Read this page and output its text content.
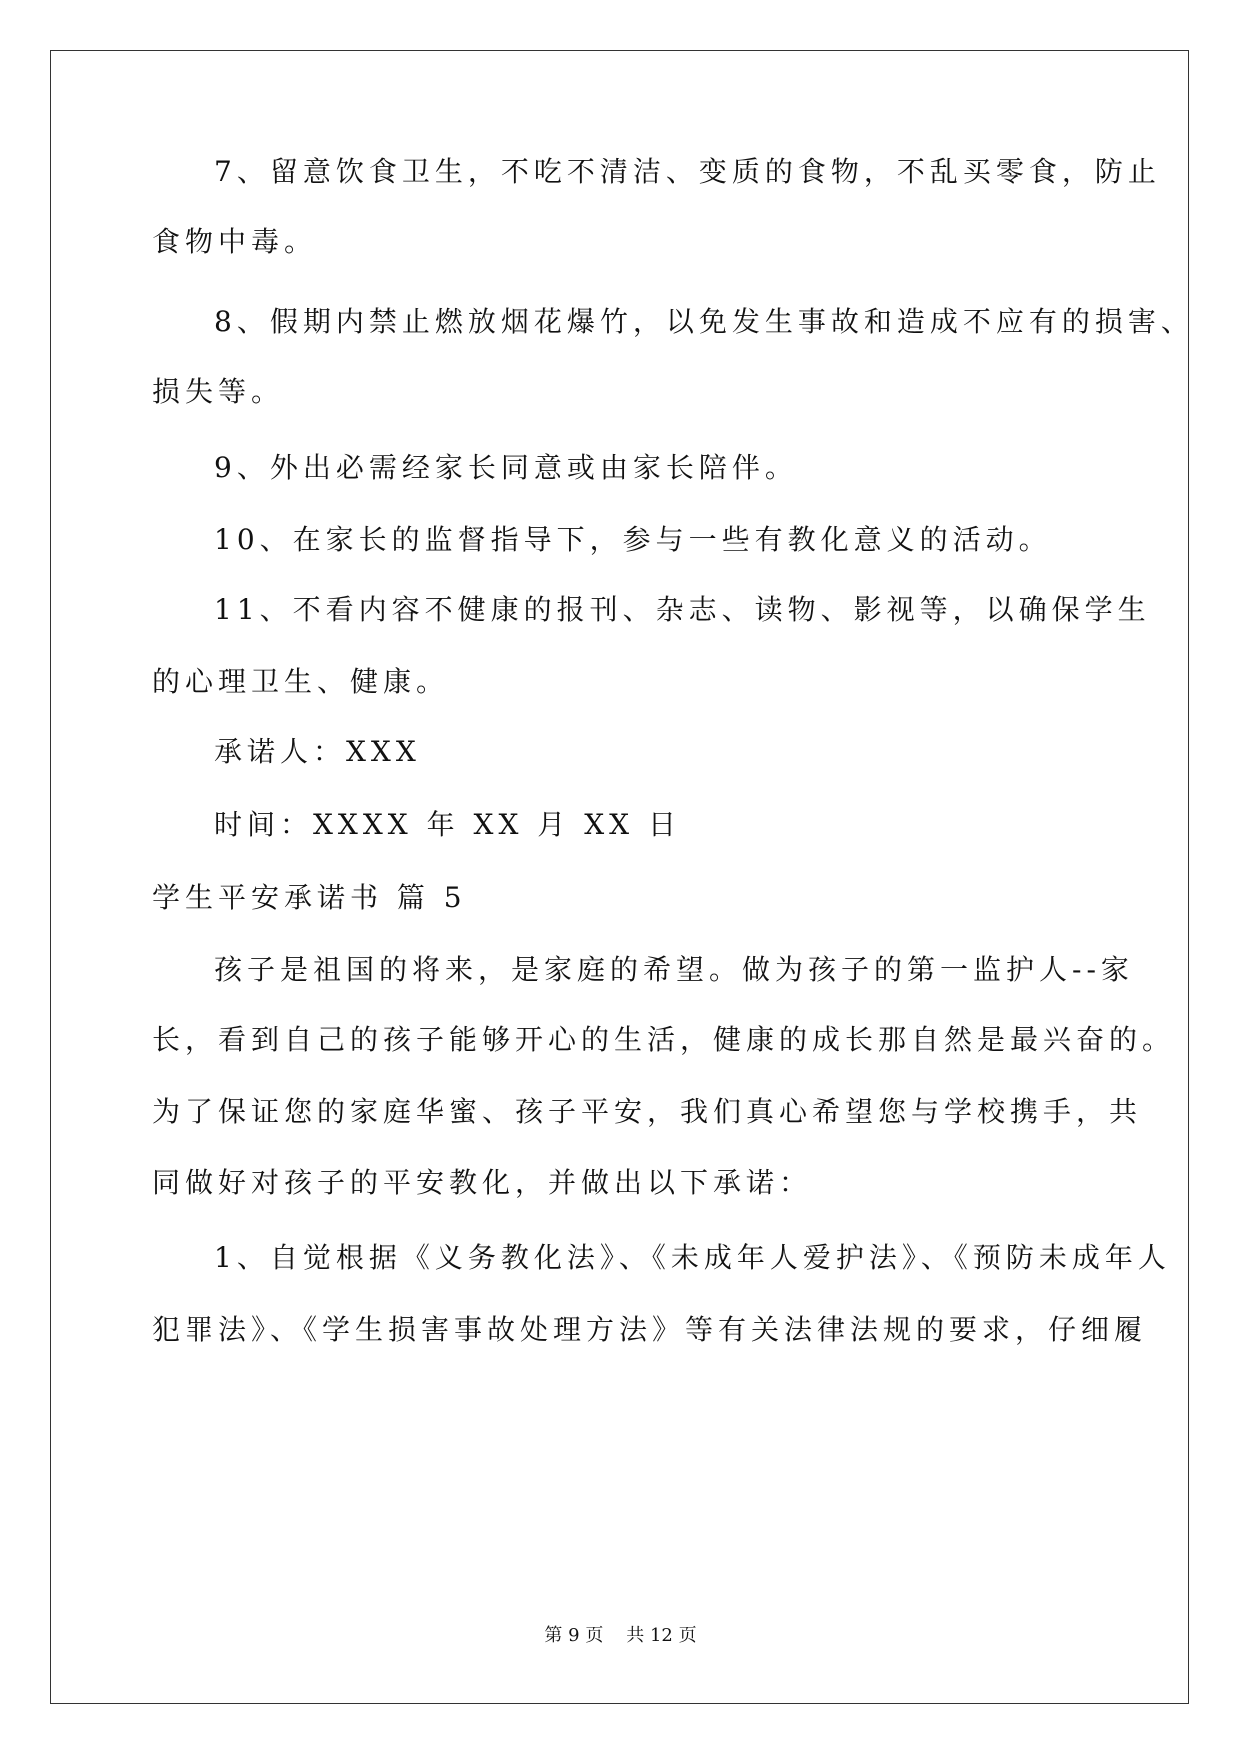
7、留意饮食卫生，不吃不清洁、变质的食物，不乱买零食，防止
食物中毒。
8、假期内禁止燃放烟花爆竹，以免发生事故和造成不应有的损害、
损失等。
9、外出必需经家长同意或由家长陪伴。
10、在家长的监督指导下，参与一些有教化意义的活动。
11、不看内容不健康的报刊、杂志、读物、影视等，以确保学生
的心理卫生、健康。
承诺人：XXX
时间：XXXX 年 XX 月 XX 日
学生平安承诺书 篇 5
孩子是祖国的将来，是家庭的希望。做为孩子的第一监护人--家
长，看到自己的孩子能够开心的生活，健康的成长那自然是最兴奋的。
为了保证您的家庭华蜜、孩子平安，我们真心希望您与学校携手，共
同做好对孩子的平安教化，并做出以下承诺：
1、自觉根据《义务教化法》、《未成年人爱护法》、《预防未成年人
犯罪法》、《学生损害事故处理方法》等有关法律法规的要求，仔细履
第 9 页 共 12 页
